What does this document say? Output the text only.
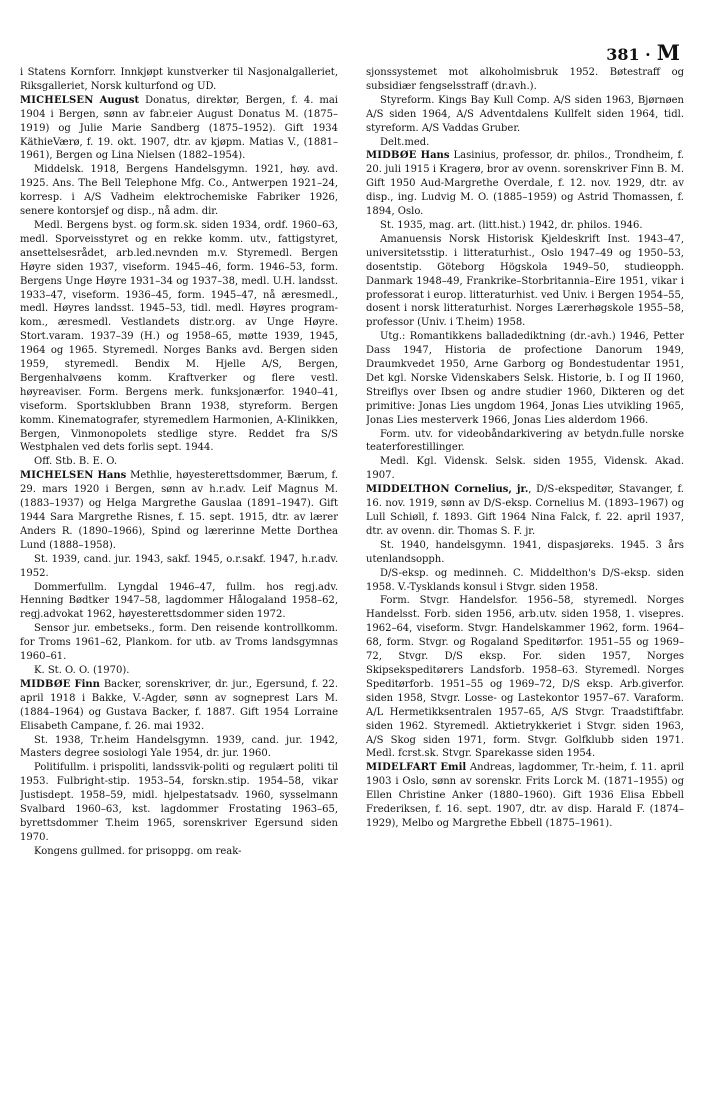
381 · M

i Statens Kornforr. Innkjøpt kunstverker til Nasjonalgalleriet, Riksgalleriet, Norsk kulturfond og UD.

MICHELSEN August Donatus, direktør, Bergen, f. 4. mai 1904 i Bergen, sønn av fabr.eier August Donatus M. (1875–1919) og Julie Marie Sandberg (1875–1952). Gift 1934 KäthieVærø, f. 19. okt. 1907, dtr. av kjøpm. Matias V., (1881–1961), Bergen og Lina Nielsen (1882–1954).

Middelsk. 1918, Bergens Handelsgymn. 1921, høy. avd. 1925. Ans. The Bell Telephone Mfg. Co., Antwerpen 1921–24, korresp. i A/S Vadheim elektrochemiske Fabriker 1926, senere kontorsjef og disp., nå adm. dir.

Medl. Bergens byst. og form.sk. siden 1934, ordf. 1960–63, medl. Sporveisstyret og en rekke komm. utv., fattigstyret, ansettelsesrådet, arb.led.nevnden m.v. Styremedl. Bergen Høyre siden 1937, viseform. 1945–46, form. 1946–53, form. Bergens Unge Høyre 1931–34 og 1937–38, medl. U.H. landsst. 1933–47, viseform. 1936–45, form. 1945–47, nå æresmedl., medl. Høyres landsst. 1945–53, tidl. medl. Høyres program-kom., æresmedl. Vestlandets distr.org. av Unge Høyre. Stort.varam. 1937–39 (H.) og 1958–65, møtte 1939, 1945, 1964 og 1965. Styremedl. Norges Banks avd. Bergen siden 1959, styremedl. Bendix M. Hjelle A/S, Bergen, Bergenhalvøens komm. Kraftverker og flere vestl. høyreaviser. Form. Bergens merk. funksjonærfor. 1940–41, viseform. Sportsklubben Brann 1938, styreform. Bergen komm. Kinematografer, styremedlem Harmonien, A-Klinikken, Bergen, Vinmonopolets stedlige styre. Reddet fra S/S Westphalen ved dets forlis sept. 1944.

Off. Stb. B. E. O.

MICHELSEN Hans Methlie, høyesterettsdommer, Bærum, f. 29. mars 1920 i Bergen, sønn av h.r.adv. Leif Magnus M. (1883–1937) og Helga Margrethe Gauslaa (1891–1947). Gift 1944 Sara Margrethe Risnes, f. 15. sept. 1915, dtr. av lærer Anders R. (1890–1966), Spind og lærerinne Mette Dorthea Lund (1888–1958).

St. 1939, cand. jur. 1943, sakf. 1945, o.r.sakf. 1947, h.r.adv. 1952.

Dommerfullm. Lyngdal 1946–47, fullm. hos regj.adv. Henning Bødtker 1947–58, lagdommer Hålogaland 1958–62, regj.advokat 1962, høyesterettsdommer siden 1972.

Sensor jur. embetseks., form. Den reisende kontrollkomm. for Troms 1961–62, Plankom. for utb. av Troms landsgymnas 1960–61.

K. St. O. O. (1970).

MIDBØE Finn Backer, sorenskriver, dr. jur., Egersund, f. 22. april 1918 i Bakke, V.-Agder, sønn av sogneprest Lars M. (1884–1964) og Gustava Backer, f. 1887. Gift 1954 Lorraine Elisabeth Campane, f. 26. mai 1932.

St. 1938, Tr.heim Handelsgymn. 1939, cand. jur. 1942, Masters degree sosiologi Yale 1954, dr. jur. 1960.

Politifullm. i prispoliti, landssvik-politi og regulært politi til 1953. Fulbright-stip. 1953–54, forskn.stip. 1954–58, vikar Justisdept. 1958–59, midl. hjelpestatsadv. 1960, sysselmann Svalbard 1960–63, kst. lagdommer Frostating 1963–65, byrettsdommer T.heim 1965, sorenskriver Egersund siden 1970.

Kongens gullmed. for prisoppg. om reak-

sjonssystemet mot alkoholmisbruk 1952. Bøtestraff og subsidiær fengselsstraff (dr.avh.).

Styreform. Kings Bay Kull Comp. A/S siden 1963, Bjørnøen A/S siden 1964, A/S Adventdalens Kullfelt siden 1964, tidl. styreform. A/S Vaddas Gruber.

Delt.med.

MIDBØE Hans Lasinius, professor, dr. philos., Trondheim, f. 20. juli 1915 i Kragerø, bror av ovenn. sorenskriver Finn B. M. Gift 1950 Aud-Margrethe Overdale, f. 12. nov. 1929, dtr. av disp., ing. Ludvig M. O. (1885–1959) og Astrid Thomassen, f. 1894, Oslo.

St. 1935, mag. art. (litt.hist.) 1942, dr. philos. 1946.

Amanuensis Norsk Historisk Kjeldeskrift Inst. 1943–47, universitetsstip. i litteraturhist., Oslo 1947–49 og 1950–53, dosentstip. Göteborg Högskola 1949–50, studieopph. Danmark 1948–49, Frankrike–Storbritannia–Eire 1951, vikar i professorat i europ. litteraturhist. ved Univ. i Bergen 1954–55, dosent i norsk litteraturhist. Norges Lærerhøgskole 1955–58, professor (Univ. i T.heim) 1958.

Utg.: Romantikkens balladediktning (dr.-avh.) 1946, Petter Dass 1947, Historia de profectione Danorum 1949, Draumkvedet 1950, Arne Garborg og Bondestudentar 1951, Det kgl. Norske Videnskabers Selsk. Historie, b. I og II 1960, Streiflys over Ibsen og andre studier 1960, Dikteren og det primitive: Jonas Lies ungdom 1964, Jonas Lies utvikling 1965, Jonas Lies mesterverk 1966, Jonas Lies alderdom 1966.

Form. utv. for videobåndarkivering av betydn.fulle norske teaterforestillinger.

Medl. Kgl. Vidensk. Selsk. siden 1955, Vidensk. Akad. 1907.

MIDDELTHON Cornelius, jr., D/S-ekspeditør, Stavanger, f. 16. nov. 1919, sønn av D/S-eksp. Cornelius M. (1893–1967) og Lull Schiøll, f. 1893. Gift 1964 Nina Falck, f. 22. april 1937, dtr. av ovenn. dir. Thomas S. F. jr.

St. 1940, handelsgymn. 1941, dispasjøreks. 1945. 3 års utenlandsopph.

D/S-eksp. og medinneh. C. Middelthon's D/S-eksp. siden 1958. V.-Tysklands konsul i Stvgr. siden 1958.

Form. Stvgr. Handelsfor. 1956–58, styremedl. Norges Handelsst. Forb. siden 1956, arb.utv. siden 1958, 1. visepres. 1962–64, viseform. Stvgr. Handelskammer 1962, form. 1964–68, form. Stvgr. og Rogaland Speditørfor. 1951–55 og 1969–72, Stvgr. D/S eksp. For. siden 1957, Norges Skipsekspeditørers Landsforb. 1958–63. Styremedl. Norges Speditørforb. 1951–55 og 1969–72, D/S eksp. Arb.giverfor. siden 1958, Stvgr. Losse- og Lastekontor 1957–67. Varaform. A/L Hermetikksentralen 1957–65, A/S Stvgr. Traadstiftfabr. siden 1962. Styremedl. Aktietrykkeriet i Stvgr. siden 1963, A/S Skog siden 1971, form. Stvgr. Golfklubb siden 1971. Medl. fcrst.sk. Stvgr. Sparekasse siden 1954.

MIDELFART Emil Andreas, lagdommer, Tr.-heim, f. 11. april 1903 i Oslo, sønn av sorenskr. Frits Lorck M. (1871–1955) og Ellen Christine Anker (1880–1960). Gift 1936 Elisa Ebbell Frederiksen, f. 16. sept. 1907, dtr. av disp. Harald F. (1874–1929), Melbo og Margrethe Ebbell (1875–1961).
